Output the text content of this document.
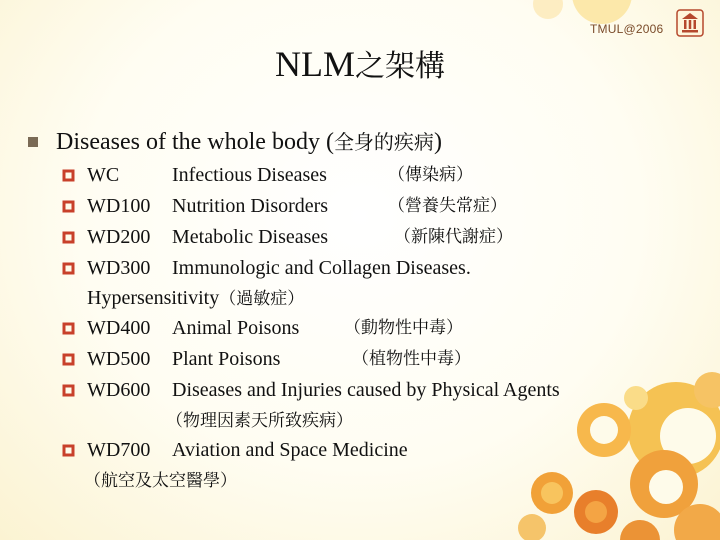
TMUL@2006
NLM之架構
Diseases of the whole body (全身的疾病)
WC	Infectious Diseases	（傳染病）
WD100 Nutrition Disorders	（營養失常症）
WD200 Metabolic Diseases	（新陳代謝症）
WD300 Immunologic and Collagen Diseases.
Hypersensitivity（過敏症）
WD400 Animal Poisons	（動物性中毒）
WD500 Plant Poisons	（植物性中毒）
WD600 Diseases and Injuries caused by Physical Agents
（物理因素天所致疾病）
WD700 Aviation and Space Medicine
（航空及太空醫學）
